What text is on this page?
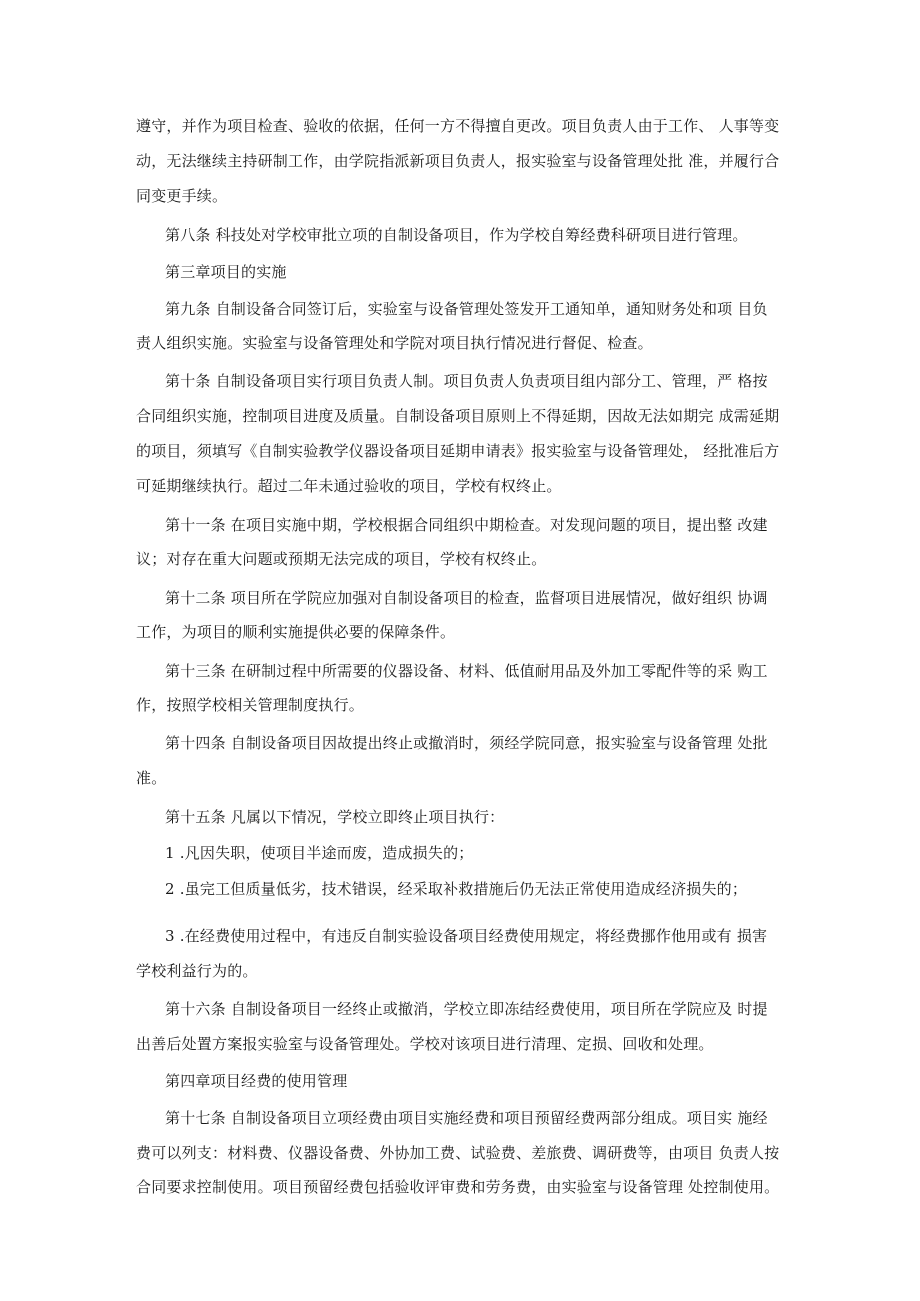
遵守，并作为项目检查、验收的依据，任何一方不得擅自更改。项目负责人由于工作、 人事等变
动，无法继续主持研制工作，由学院指派新项目负责人，报实验室与设备管理处批 准，并履行合
同变更手续。
第八条 科技处对学校审批立项的自制设备项目，作为学校自筹经费科研项目进行管理。
第三章项目的实施
第九条 自制设备合同签订后，实验室与设备管理处签发开工通知单，通知财务处和项 目负
责人组织实施。实验室与设备管理处和学院对项目执行情况进行督促、检查。
第十条 自制设备项目实行项目负责人制。项目负责人负责项目组内部分工、管理，严 格按
合同组织实施，控制项目进度及质量。自制设备项目原则上不得延期，因故无法如期完 成需延期
的项目，须填写《自制实验教学仪器设备项目延期申请表》报实验室与设备管理处， 经批准后方
可延期继续执行。超过二年未通过验收的项目，学校有权终止。
第十一条 在项目实施中期，学校根据合同组织中期检查。对发现问题的项目，提出整 改建
议；对存在重大问题或预期无法完成的项目，学校有权终止。
第十二条 项目所在学院应加强对自制设备项目的检查，监督项目进展情况，做好组织 协调
工作，为项目的顺利实施提供必要的保障条件。
第十三条 在研制过程中所需要的仪器设备、材料、低值耐用品及外加工零配件等的采 购工
作，按照学校相关管理制度执行。
第十四条 自制设备项目因故提出终止或撤消时，须经学院同意，报实验室与设备管理 处批
准。
第十五条 凡属以下情况，学校立即终止项目执行：
1 .凡因失职，使项目半途而废，造成损失的；
2 .虽完工但质量低劣，技术错误，经采取补救措施后仍无法正常使用造成经济损失的；
3 .在经费使用过程中，有违反自制实验设备项目经费使用规定，将经费挪作他用或有 损害
学校利益行为的。
第十六条 自制设备项目一经终止或撤消，学校立即冻结经费使用，项目所在学院应及 时提
出善后处置方案报实验室与设备管理处。学校对该项目进行清理、定损、回收和处理。
第四章项目经费的使用管理
第十七条 自制设备项目立项经费由项目实施经费和项目预留经费两部分组成。项目实 施经
费可以列支：材料费、仪器设备费、外协加工费、试验费、差旅费、调研费等，由项目 负责人按
合同要求控制使用。项目预留经费包括验收评审费和劳务费，由实验室与设备管理 处控制使用。
